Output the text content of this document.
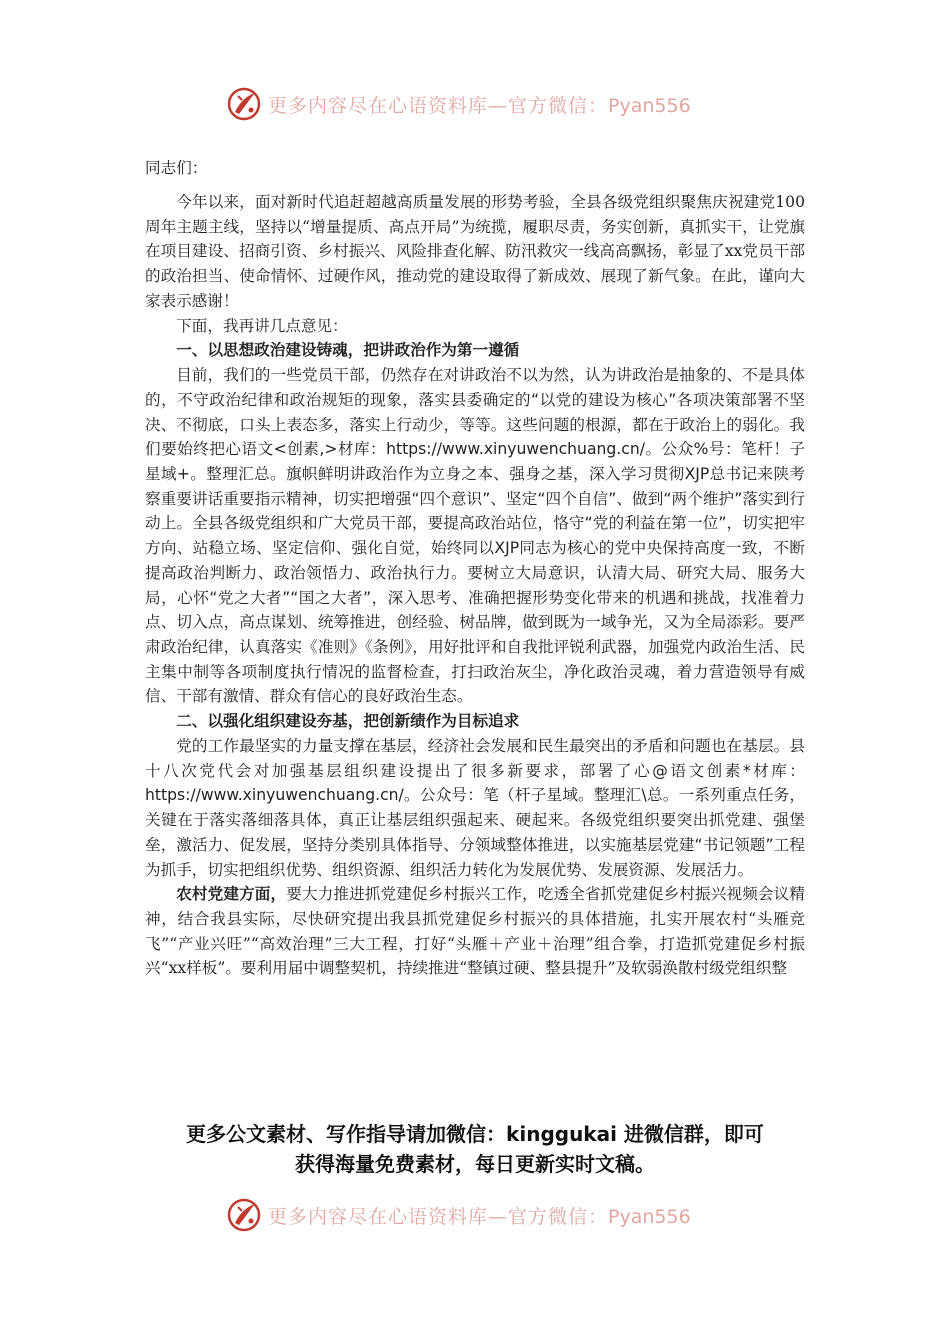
更多内容尽在心语资料库—官方微信：Pyan556

同志们：

今年以来，面对新时代追赶超越高质量发展的形势考验，全县各级党组织聚焦庆祝建党100周年主题主线，坚持以“增量提质、高点开局”为统揽，履职尽责，务实创新，真抓实干，让党旗在项目建设、招商引资、乡村振兴、风险排查化解、防汛救灾一线高高飘扬，彰显了xx党员干部的政治担当、使命情怀、过硬作风，推动党的建设取得了新成效、展现了新气象。在此，谨向大家表示感谢！

下面，我再讲几点意见：

一、以思想政治建设铸魂，把讲政治作为第一遵循

目前，我们的一些党员干部，仍然存在对讲政治不以为然，认为讲政治是抽象的、不是具体的，不守政治纪律和政治规矩的现象，落实县委确定的“以党的建设为核心”各项决策部署不坚决、不彻底，口头上表态多，落实上行动少，等等。这些问题的根源，都在于政治上的弱化。我们要始终把心语文<创素,>材库：https://www.xinyuwenchuang.cn/。公众%号：笔杆！子星域+。整理汇总。旗帜鲜明讲政治作为立身之本、强身之基，深入学习贯彻XJP总书记来陕考察重要讲话重要指示精神，切实把增强“四个意识”、坚定“四个自信”、做到“两个维护”落实到行动上。全县各级党组织和广大党员干部，要提高政治站位，恪守“党的利益在第一位”，切实把牢方向、站稳立场、坚定信仰、强化自觉，始终同以XJP同志为核心的党中央保持高度一致，不断提高政治判断力、政治领悟力、政治执行力。要树立大局意识，认清大局、研究大局、服务大局，心怀“党之大者”“国之大者”，深入思考、准确把握形势变化带来的机遇和挑战，找准着力点、切入点，高点谋划、统筹推进，创经验、树品牌，做到既为一域争光，又为全局添彩。要严肃政治纪律，认真落实《准则》《条例》，用好批评和自我批评锐利武器，加强党内政治生活、民主集中制等各项制度执行情况的监督检查，打扫政治灰尘，净化政治灵魂，着力营造领导有威信、干部有激情、群众有信心的良好政治生态。

二、以强化组织建设夯基，把创新绩作为目标追求

党的工作最坚实的力量支撑在基层，经济社会发展和民生最突出的矛盾和问题也在基层。县十八次党代会对加强基层组织建设提出了很多新要求，部署了心@语文创素*材库：https://www.xinyuwenchuang.cn/。公众号：笔（杆子星域。整理汇\总。一系列重点任务，关键在于落实落细落具体，真正让基层组织强起来、硬起来。各级党组织要突出抓党建、强堡垒，激活力、促发展，坚持分类别具体指导、分领域整体推进，以实施基层党建“书记领题”工程为抓手，切实把组织优势、组织资源、组织活力转化为发展优势、发展资源、发展活力。

农村党建方面，要大力推进抓党建促乡村振兴工作，吃透全省抓党建促乡村振兴视频会议精神，结合我县实际，尽快研究提出我县抓党建促乡村振兴的具体措施，扎实开展农村“头雁竞飞”“产业兴旺”“高效治理”三大工程，打好“头雁＋产业＋治理”组合拳，打造抓党建促乡村振兴“xx样板”。要利用届中调整契机，持续推进“整镇过硬、整县提升”及软弱涣散村级党组织整

更多公文素材、写作指导请加微信：kinggukai 进微信群，即可
获得海量免费素材，每日更新实时文稿。
更多内容尽在心语资料库—官方微信：Pyan556
